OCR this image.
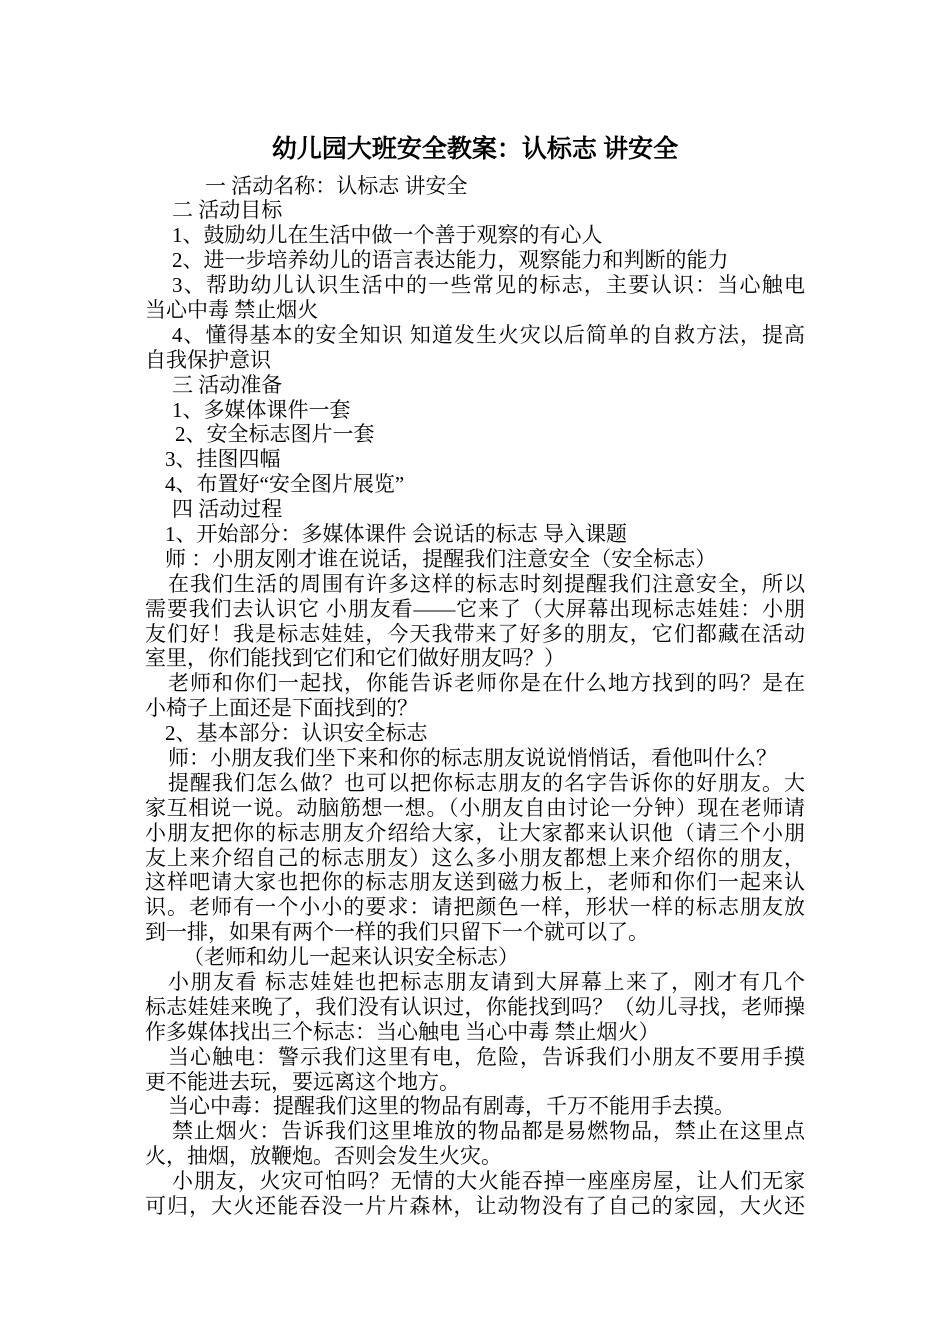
幼儿园大班安全教案：认标志 讲安全
一 活动名称：认标志 讲安全
二 活动目标
1、鼓励幼儿在生活中做一个善于观察的有心人
2、进一步培养幼儿的语言表达能力，观察能力和判断的能力
3、帮助幼儿认识生活中的一些常见的标志，主要认识：当心触电
当心中毒 禁止烟火
4、懂得基本的安全知识 知道发生火灾以后简单的自救方法，提高
自我保护意识
三 活动准备
1、多媒体课件一套
2、安全标志图片一套
3、挂图四幅
4、布置好“安全图片展览”
四 活动过程
1、开始部分：多媒体课件 会说话的标志 导入课题
师 ：小朋友刚才谁在说话，提醒我们注意安全（安全标志）
在我们生活的周围有许多这样的标志时刻提醒我们注意安全，所以
需要我们去认识它 小朋友看——它来了（大屏幕出现标志娃娃：小朋
友们好！我是标志娃娃，今天我带来了好多的朋友，它们都藏在活动
室里，你们能找到它们和它们做好朋友吗？）
老师和你们一起找，你能告诉老师你是在什么地方找到的吗？是在
小椅子上面还是下面找到的？
2、基本部分：认识安全标志
师：小朋友我们坐下来和你的标志朋友说说悄悄话，看他叫什么？
提醒我们怎么做？也可以把你标志朋友的名字告诉你的好朋友。大
家互相说一说。动脑筋想一想。（小朋友自由讨论一分钟）现在老师请
小朋友把你的标志朋友介绍给大家，让大家都来认识他（请三个小朋
友上来介绍自己的标志朋友）这么多小朋友都想上来介绍你的朋友，
这样吧请大家也把你的标志朋友送到磁力板上，老师和你们一起来认
识。老师有一个小小的要求：请把颜色一样，形状一样的标志朋友放
到一排，如果有两个一样的我们只留下一个就可以了。
（老师和幼儿一起来认识安全标志）
小朋友看 标志娃娃也把标志朋友请到大屏幕上来了，刚才有几个
标志娃娃来晚了，我们没有认识过，你能找到吗？（幼儿寻找，老师操
作多媒体找出三个标志：当心触电 当心中毒 禁止烟火）
当心触电：警示我们这里有电，危险，告诉我们小朋友不要用手摸
更不能进去玩，要远离这个地方。
当心中毒：提醒我们这里的物品有剧毒，千万不能用手去摸。
禁止烟火：告诉我们这里堆放的物品都是易燃物品，禁止在这里点
火，抽烟，放鞭炮。否则会发生火灾。
小朋友，火灾可怕吗？无情的大火能吞掉一座座房屋，让人们无家
可归，大火还能吞没一片片森林，让动物没有了自己的家园，大火还
